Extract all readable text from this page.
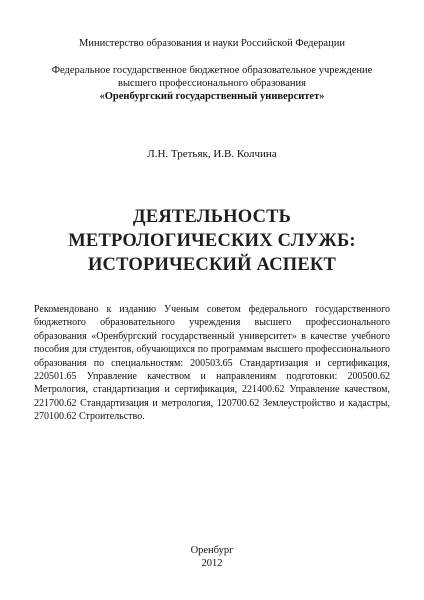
Министерство образования и науки Российской Федерации
Федеральное государственное бюджетное образовательное учреждение
высшего профессионального образования
«Оренбургский государственный университет»
Л.Н. Третьяк, И.В. Колчина
ДЕЯТЕЛЬНОСТЬ
МЕТРОЛОГИЧЕСКИХ СЛУЖБ:
ИСТОРИЧЕСКИЙ АСПЕКТ
Рекомендовано к изданию Ученым советом федерального государственного бюджетного образовательного учреждения высшего профессионального образования «Оренбургский государственный университет» в качестве учебного пособия для студентов, обучающихся по программам высшего профессионального образования по специальностям: 200503.65 Стандартизация и сертификация, 220501.65 Управление качеством и направлениям подготовки: 200500.62 Метрология, стандартизация и сертификация, 221400.62 Управление качеством, 221700.62 Стандартизация и метрология, 120700.62 Землеустройство и кадастры, 270100.62 Строительство.
Оренбург
2012
